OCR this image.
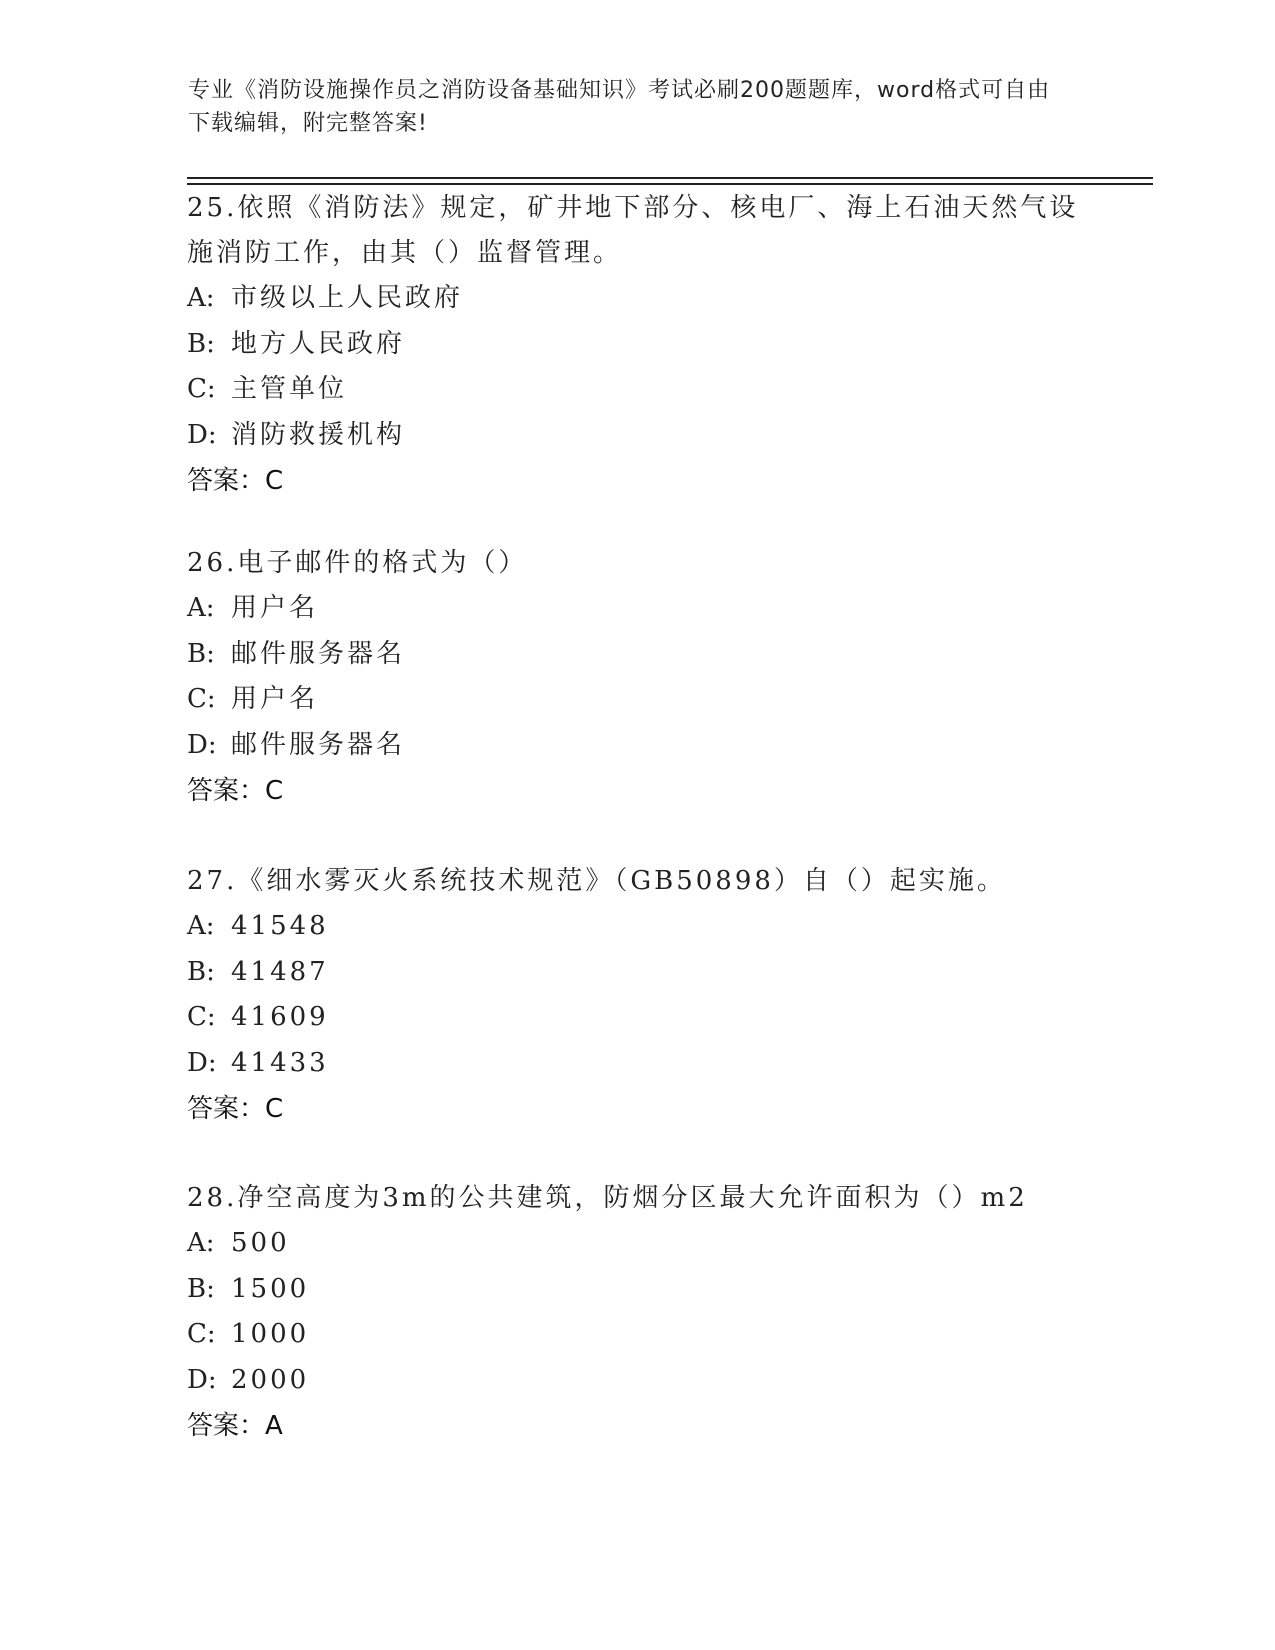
专业《消防设施操作员之消防设备基础知识》考试必刷200题题库，word格式可自由下载编辑，附完整答案!

25.依照《消防法》规定，矿井地下部分、核电厂、海上石油天然气设施消防工作，由其（）监督管理。

A: 市级以上人民政府
B: 地方人民政府
C: 主管单位
D: 消防救援机构
答案：C

26.电子邮件的格式为（）

A: 用户名
B: 邮件服务器名
C: 用户名
D: 邮件服务器名
答案：C

27.《细水雾灭火系统技术规范》（GB50898）自（）起实施。

A: 41548
B: 41487
C: 41609
D: 41433
答案：C

28.净空高度为3m的公共建筑，防烟分区最大允许面积为（）m2

A: 500
B: 1500
C: 1000
D: 2000
答案：A
